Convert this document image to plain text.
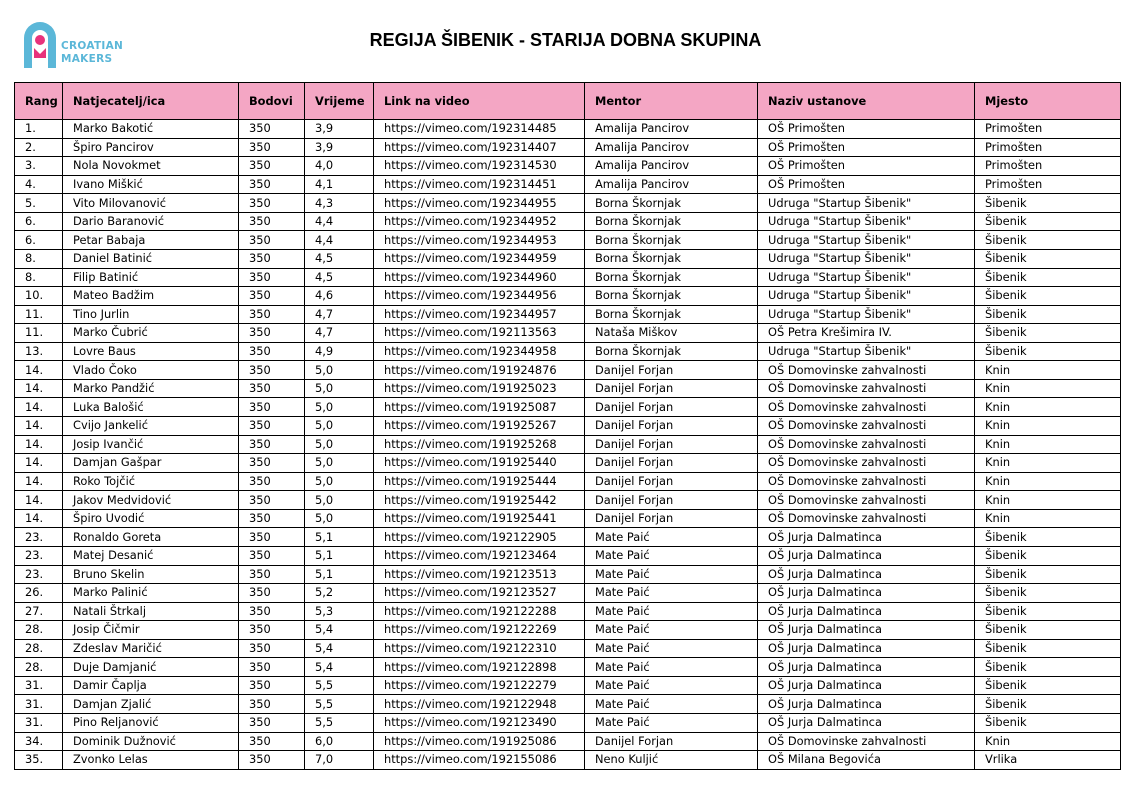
CROATIAN
MAKERS
REGIJA ŠIBENIK - STARIJA DOBNA SKUPINA
Rang	Natjecatelj/ica	Bodovi	Vrijeme	Link na video	Mentor	Naziv ustanove	Mjesto
1.	Marko Bakotić	350	3,9	https://vimeo.com/192314485	Amalija Pancirov	OŠ Primošten	Primošten
2.	Špiro Pancirov	350	3,9	https://vimeo.com/192314407	Amalija Pancirov	OŠ Primošten	Primošten
3.	Nola Novokmet	350	4,0	https://vimeo.com/192314530	Amalija Pancirov	OŠ Primošten	Primošten
4.	Ivano Miškić	350	4,1	https://vimeo.com/192314451	Amalija Pancirov	OŠ Primošten	Primošten
5.	Vito Milovanović	350	4,3	https://vimeo.com/192344955	Borna Škornjak	Udruga "Startup Šibenik"	Šibenik
6.	Dario Baranović	350	4,4	https://vimeo.com/192344952	Borna Škornjak	Udruga "Startup Šibenik"	Šibenik
6.	Petar Babaja	350	4,4	https://vimeo.com/192344953	Borna Škornjak	Udruga "Startup Šibenik"	Šibenik
8.	Daniel Batinić	350	4,5	https://vimeo.com/192344959	Borna Škornjak	Udruga "Startup Šibenik"	Šibenik
8.	Filip Batinić	350	4,5	https://vimeo.com/192344960	Borna Škornjak	Udruga "Startup Šibenik"	Šibenik
10.	Mateo Badžim	350	4,6	https://vimeo.com/192344956	Borna Škornjak	Udruga "Startup Šibenik"	Šibenik
11.	Tino Jurlin	350	4,7	https://vimeo.com/192344957	Borna Škornjak	Udruga "Startup Šibenik"	Šibenik
11.	Marko Čubrić	350	4,7	https://vimeo.com/192113563	Nataša Miškov	OŠ Petra Krešimira IV.	Šibenik
13.	Lovre Baus	350	4,9	https://vimeo.com/192344958	Borna Škornjak	Udruga "Startup Šibenik"	Šibenik
14.	Vlado Čoko	350	5,0	https://vimeo.com/191924876	Danijel Forjan	OŠ Domovinske zahvalnosti	Knin
14.	Marko Pandžić	350	5,0	https://vimeo.com/191925023	Danijel Forjan	OŠ Domovinske zahvalnosti	Knin
14.	Luka Balošić	350	5,0	https://vimeo.com/191925087	Danijel Forjan	OŠ Domovinske zahvalnosti	Knin
14.	Cvijo Jankelić	350	5,0	https://vimeo.com/191925267	Danijel Forjan	OŠ Domovinske zahvalnosti	Knin
14.	Josip Ivančić	350	5,0	https://vimeo.com/191925268	Danijel Forjan	OŠ Domovinske zahvalnosti	Knin
14.	Damjan Gašpar	350	5,0	https://vimeo.com/191925440	Danijel Forjan	OŠ Domovinske zahvalnosti	Knin
14.	Roko Tojčić	350	5,0	https://vimeo.com/191925444	Danijel Forjan	OŠ Domovinske zahvalnosti	Knin
14.	Jakov Medvidović	350	5,0	https://vimeo.com/191925442	Danijel Forjan	OŠ Domovinske zahvalnosti	Knin
14.	Špiro Uvodić	350	5,0	https://vimeo.com/191925441	Danijel Forjan	OŠ Domovinske zahvalnosti	Knin
23.	Ronaldo Goreta	350	5,1	https://vimeo.com/192122905	Mate Paić	OŠ Jurja Dalmatinca	Šibenik
23.	Matej Desanić	350	5,1	https://vimeo.com/192123464	Mate Paić	OŠ Jurja Dalmatinca	Šibenik
23.	Bruno Skelin	350	5,1	https://vimeo.com/192123513	Mate Paić	OŠ Jurja Dalmatinca	Šibenik
26.	Marko Palinić	350	5,2	https://vimeo.com/192123527	Mate Paić	OŠ Jurja Dalmatinca	Šibenik
27.	Natali Štrkalj	350	5,3	https://vimeo.com/192122288	Mate Paić	OŠ Jurja Dalmatinca	Šibenik
28.	Josip Čičmir	350	5,4	https://vimeo.com/192122269	Mate Paić	OŠ Jurja Dalmatinca	Šibenik
28.	Zdeslav Maričić	350	5,4	https://vimeo.com/192122310	Mate Paić	OŠ Jurja Dalmatinca	Šibenik
28.	Duje Damjanić	350	5,4	https://vimeo.com/192122898	Mate Paić	OŠ Jurja Dalmatinca	Šibenik
31.	Damir Čaplja	350	5,5	https://vimeo.com/192122279	Mate Paić	OŠ Jurja Dalmatinca	Šibenik
31.	Damjan Zjalić	350	5,5	https://vimeo.com/192122948	Mate Paić	OŠ Jurja Dalmatinca	Šibenik
31.	Pino Reljanović	350	5,5	https://vimeo.com/192123490	Mate Paić	OŠ Jurja Dalmatinca	Šibenik
34.	Dominik Dužnović	350	6,0	https://vimeo.com/191925086	Danijel Forjan	OŠ Domovinske zahvalnosti	Knin
35.	Zvonko Lelas	350	7,0	https://vimeo.com/192155086	Neno Kuljić	OŠ Milana Begovića	Vrlika
